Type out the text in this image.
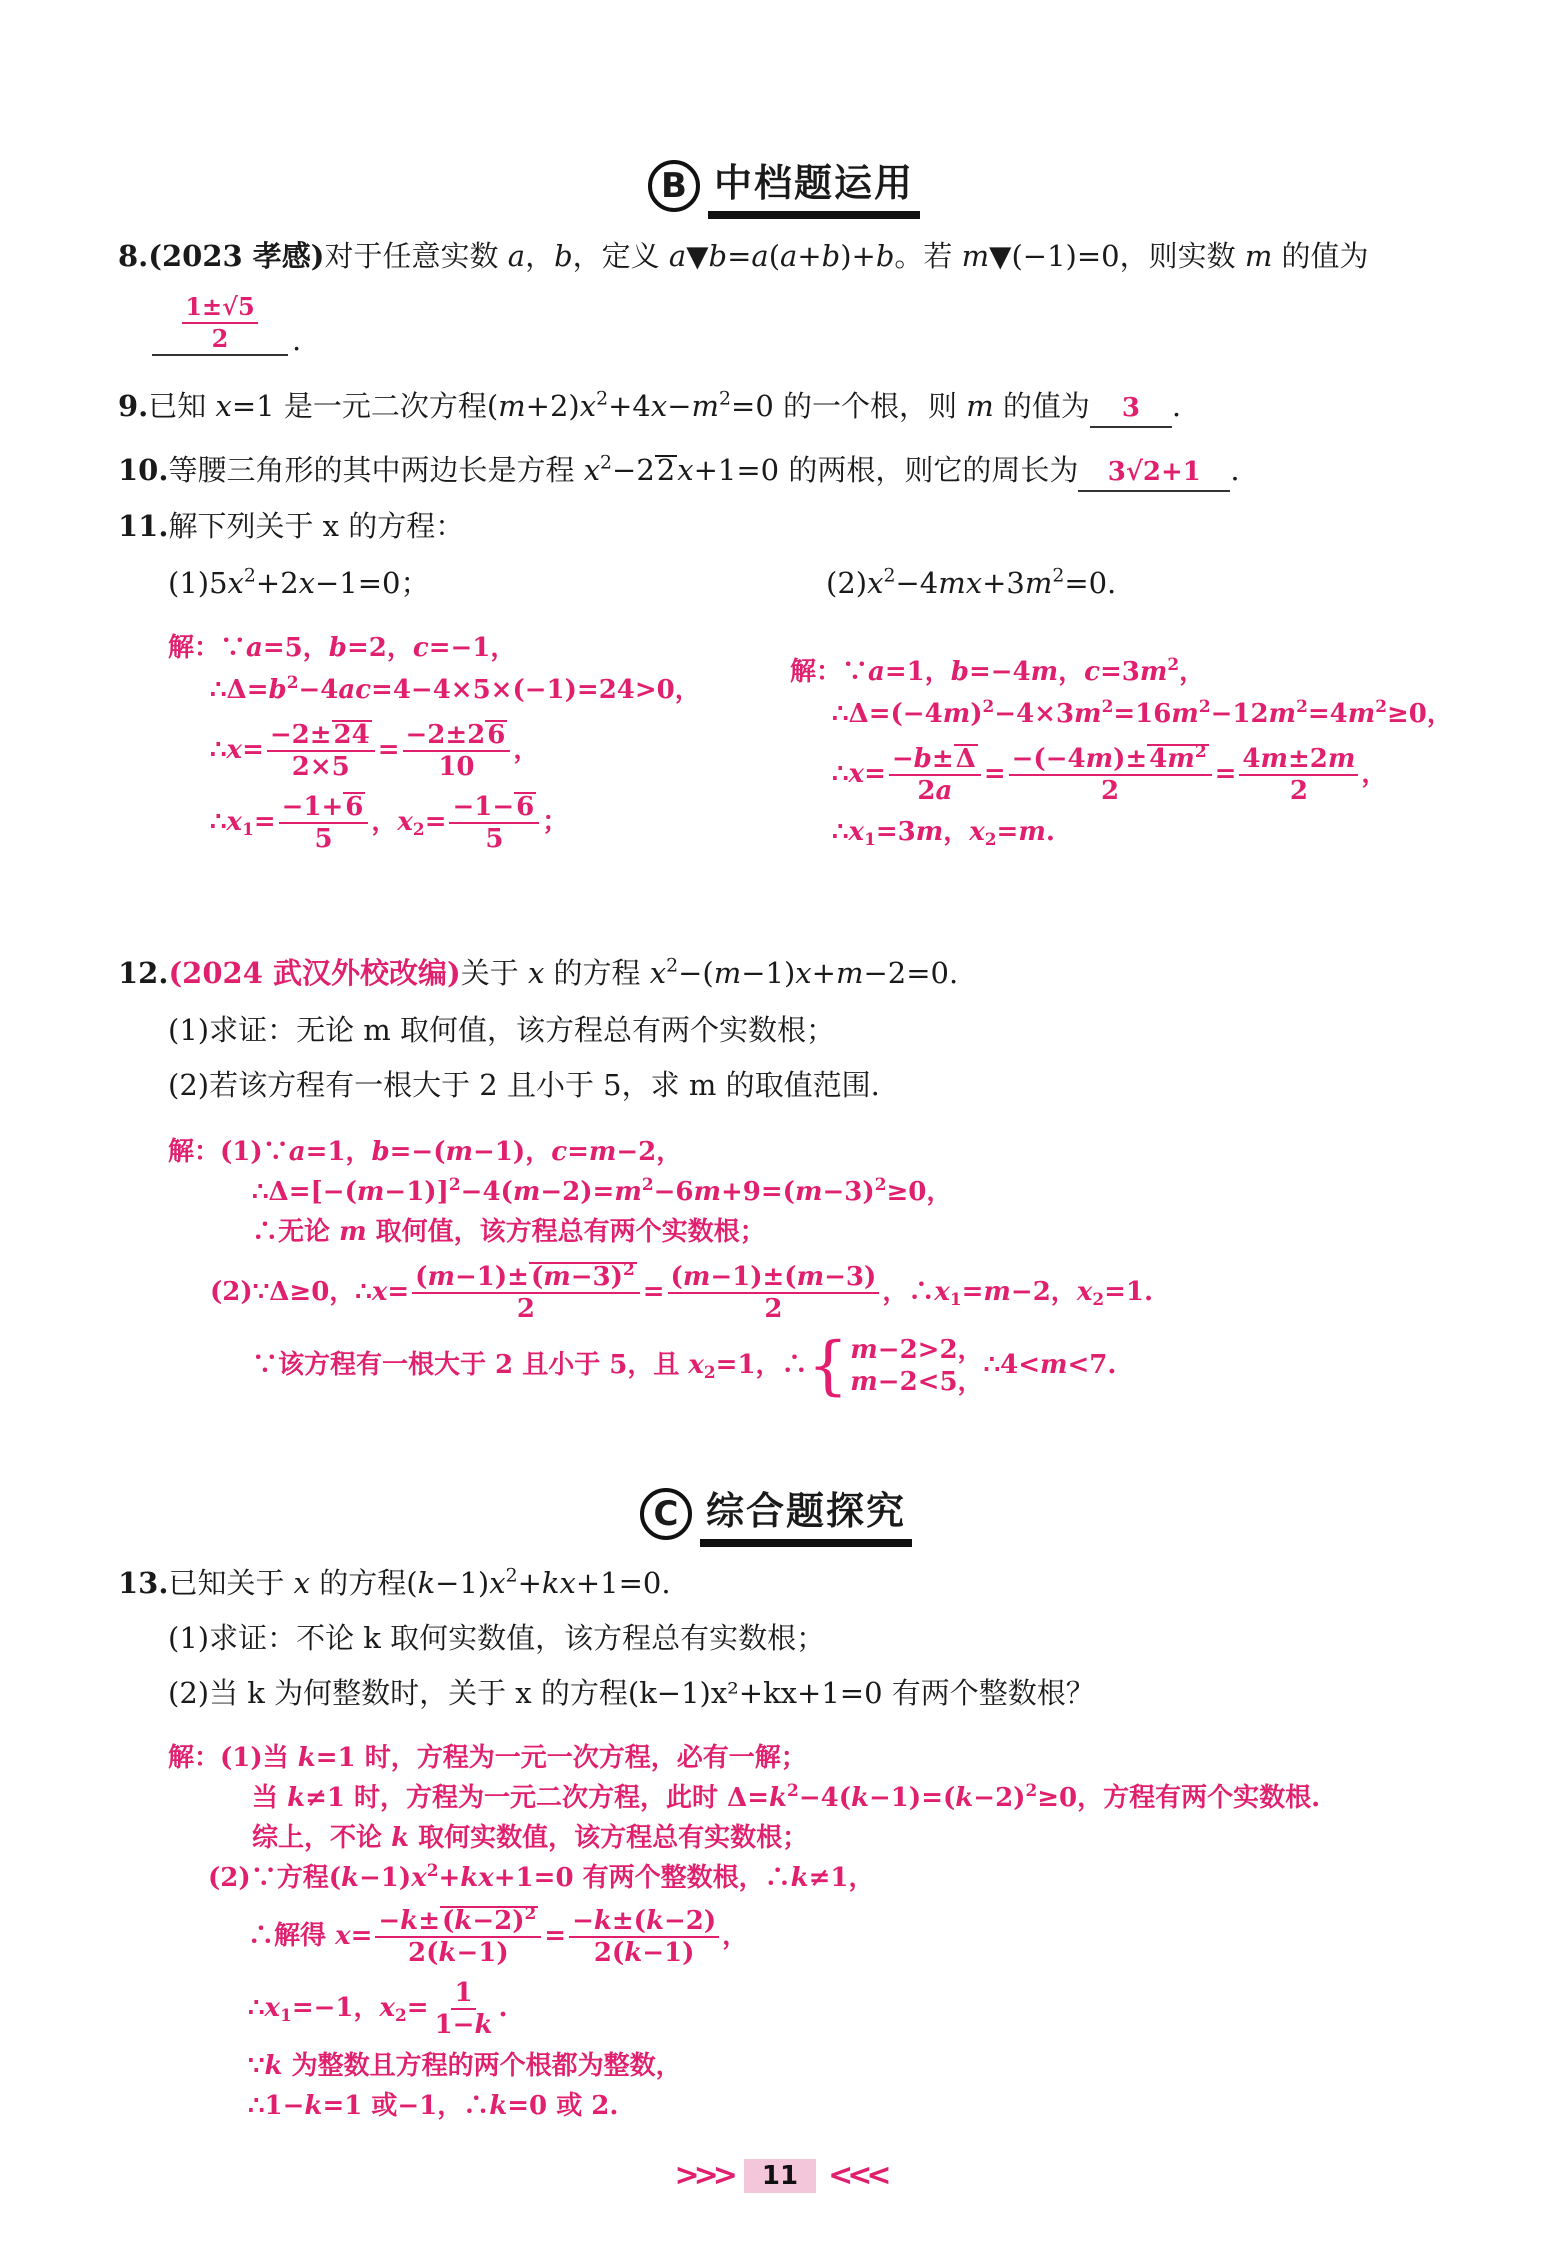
B 中档题运用
8.(2023 孝感)对于任意实数 a，b，定义 a▼b=a(a+b)+b。若 m▼(−1)=0，则实数 m 的值为
$\frac{1\pm√5}{2}$ .
9.已知 x=1 是一元二次方程$(m+2)x^2+4x-m^2=0$ 的一个根，则 m 的值为 3 .
10.等腰三角形的其中两边长是方程 $x^2-22x+1=0$ 的两根，则它的周长为 3√2+1 .
11.解下列关于 x 的方程：
$(1)5x^2+2x-1=0$；	$(2)x^2-4mx+3m^2=0$.
解：∵a=5，b=2，c=−1，
$\therefore\Delta=b^2-4ac=4-4\times 5\times(-1)=24>0$，
∴x= $\frac{-2\pm 24}{2\times 5} = \frac{-2\pm 26}{10}$ ，
$\therefore x_1= \frac{-1+6}{5}$ ，$x_2= \frac{-1-6}{5}$ ；
解：∵a=1，b=−4m，$c=3m^2$，
$\therefore\Delta=(-4m)^2-4\times 3m^2=16m^2-12m^2=4m^2\ge 0$，
∴x= $\frac{-b\pm\Delta}{2a} = \frac{-(-4m)\pm 4m^2}{2} = \frac{4m\pm 2m}{2}$ ，
$\therefore x_1=3m$，$x_2=m$.
12.(2024 武汉外校改编)关于 x 的方程 $x^2-(m-1)x+m-2=0$.
(1)求证：无论 m 取何值，该方程总有两个实数根；
(2)若该方程有一根大于 2 且小于 5，求 m 的取值范围.
解：(1)∵a=1，b=−(m−1)，c=m−2，
$\therefore\Delta=[-(m-1)]^2-4(m-2)=m^2-6m+9=(m-3)^2\ge 0$，
∴无论 m 取何值，该方程总有两个实数根；
(2)∵Δ≥0，∴x= $\frac{(m-1)\pm(m-3)^2}{2} = \frac{(m-1)\pm(m-3)}{2}$ ，$\therefore x_1=m-2$，$x_2=1$.
∵该方程有一根大于 2 且小于 5，且 $x_2=1$，∴ { m−2>2，
m−2<5，
∴4<m<7.
C 综合题探究
13.已知关于 x 的方程$(k-1)x^2+kx+1=0$.
(1)求证：不论 k 取何实数值，该方程总有实数根；
(2)当 k 为何整数时，关于 x 的方程(k−1)x²+kx+1=0 有两个整数根？
解：(1)当 k=1 时，方程为一元一次方程，必有一解；
当 k≠1 时，方程为一元二次方程，此时 $\Delta=k^2-4(k-1)=(k-2)^2\ge 0$，方程有两个实数根.
综上，不论 k 取何实数值，该方程总有实数根；
(2)∵方程$(k-1)x^2+kx+1=0$ 有两个整数根，∴k≠1，
∴解得 $x= \frac{-k\pm(k-2)^2}{2(k-1)} = \frac{-k\pm(k-2)}{2(k-1)}$ ，
$\therefore x_1=-1$，$x_2= \frac{1}{1-k}$ .
∵k 为整数且方程的两个根都为整数，
∴1−k=1 或−1，∴k=0 或 2.
>>>	11	<<<
